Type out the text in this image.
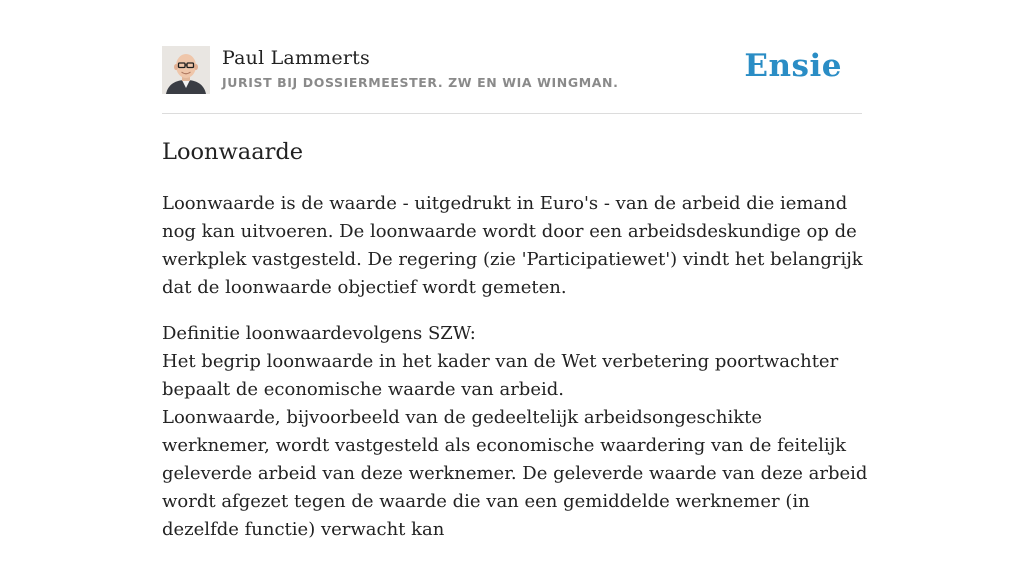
Paul Lammerts
JURIST BIJ DOSSIERMEESTER. ZW EN WIA WINGMAN.	Ensie
Loonwaarde

Loonwaarde is de waarde - uitgedrukt in Euro's - van de arbeid die iemand nog kan uitvoeren. De loonwaarde wordt door een arbeidsdeskundige op de werkplek vastgesteld. De regering (zie 'Participatiewet') vindt het belangrijk dat de loonwaarde objectief wordt gemeten.

Definitie loonwaardevolgens SZW:
Het begrip loonwaarde in het kader van de Wet verbetering poortwachter bepaalt de economische waarde van arbeid.
Loonwaarde, bijvoorbeeld van de gedeeltelijk arbeidsongeschikte werknemer, wordt vastgesteld als economische waardering van de feitelijk geleverde arbeid van deze werknemer. De geleverde waarde van deze arbeid wordt afgezet tegen de waarde die van een gemiddelde werknemer (in dezelfde functie) verwacht kan
